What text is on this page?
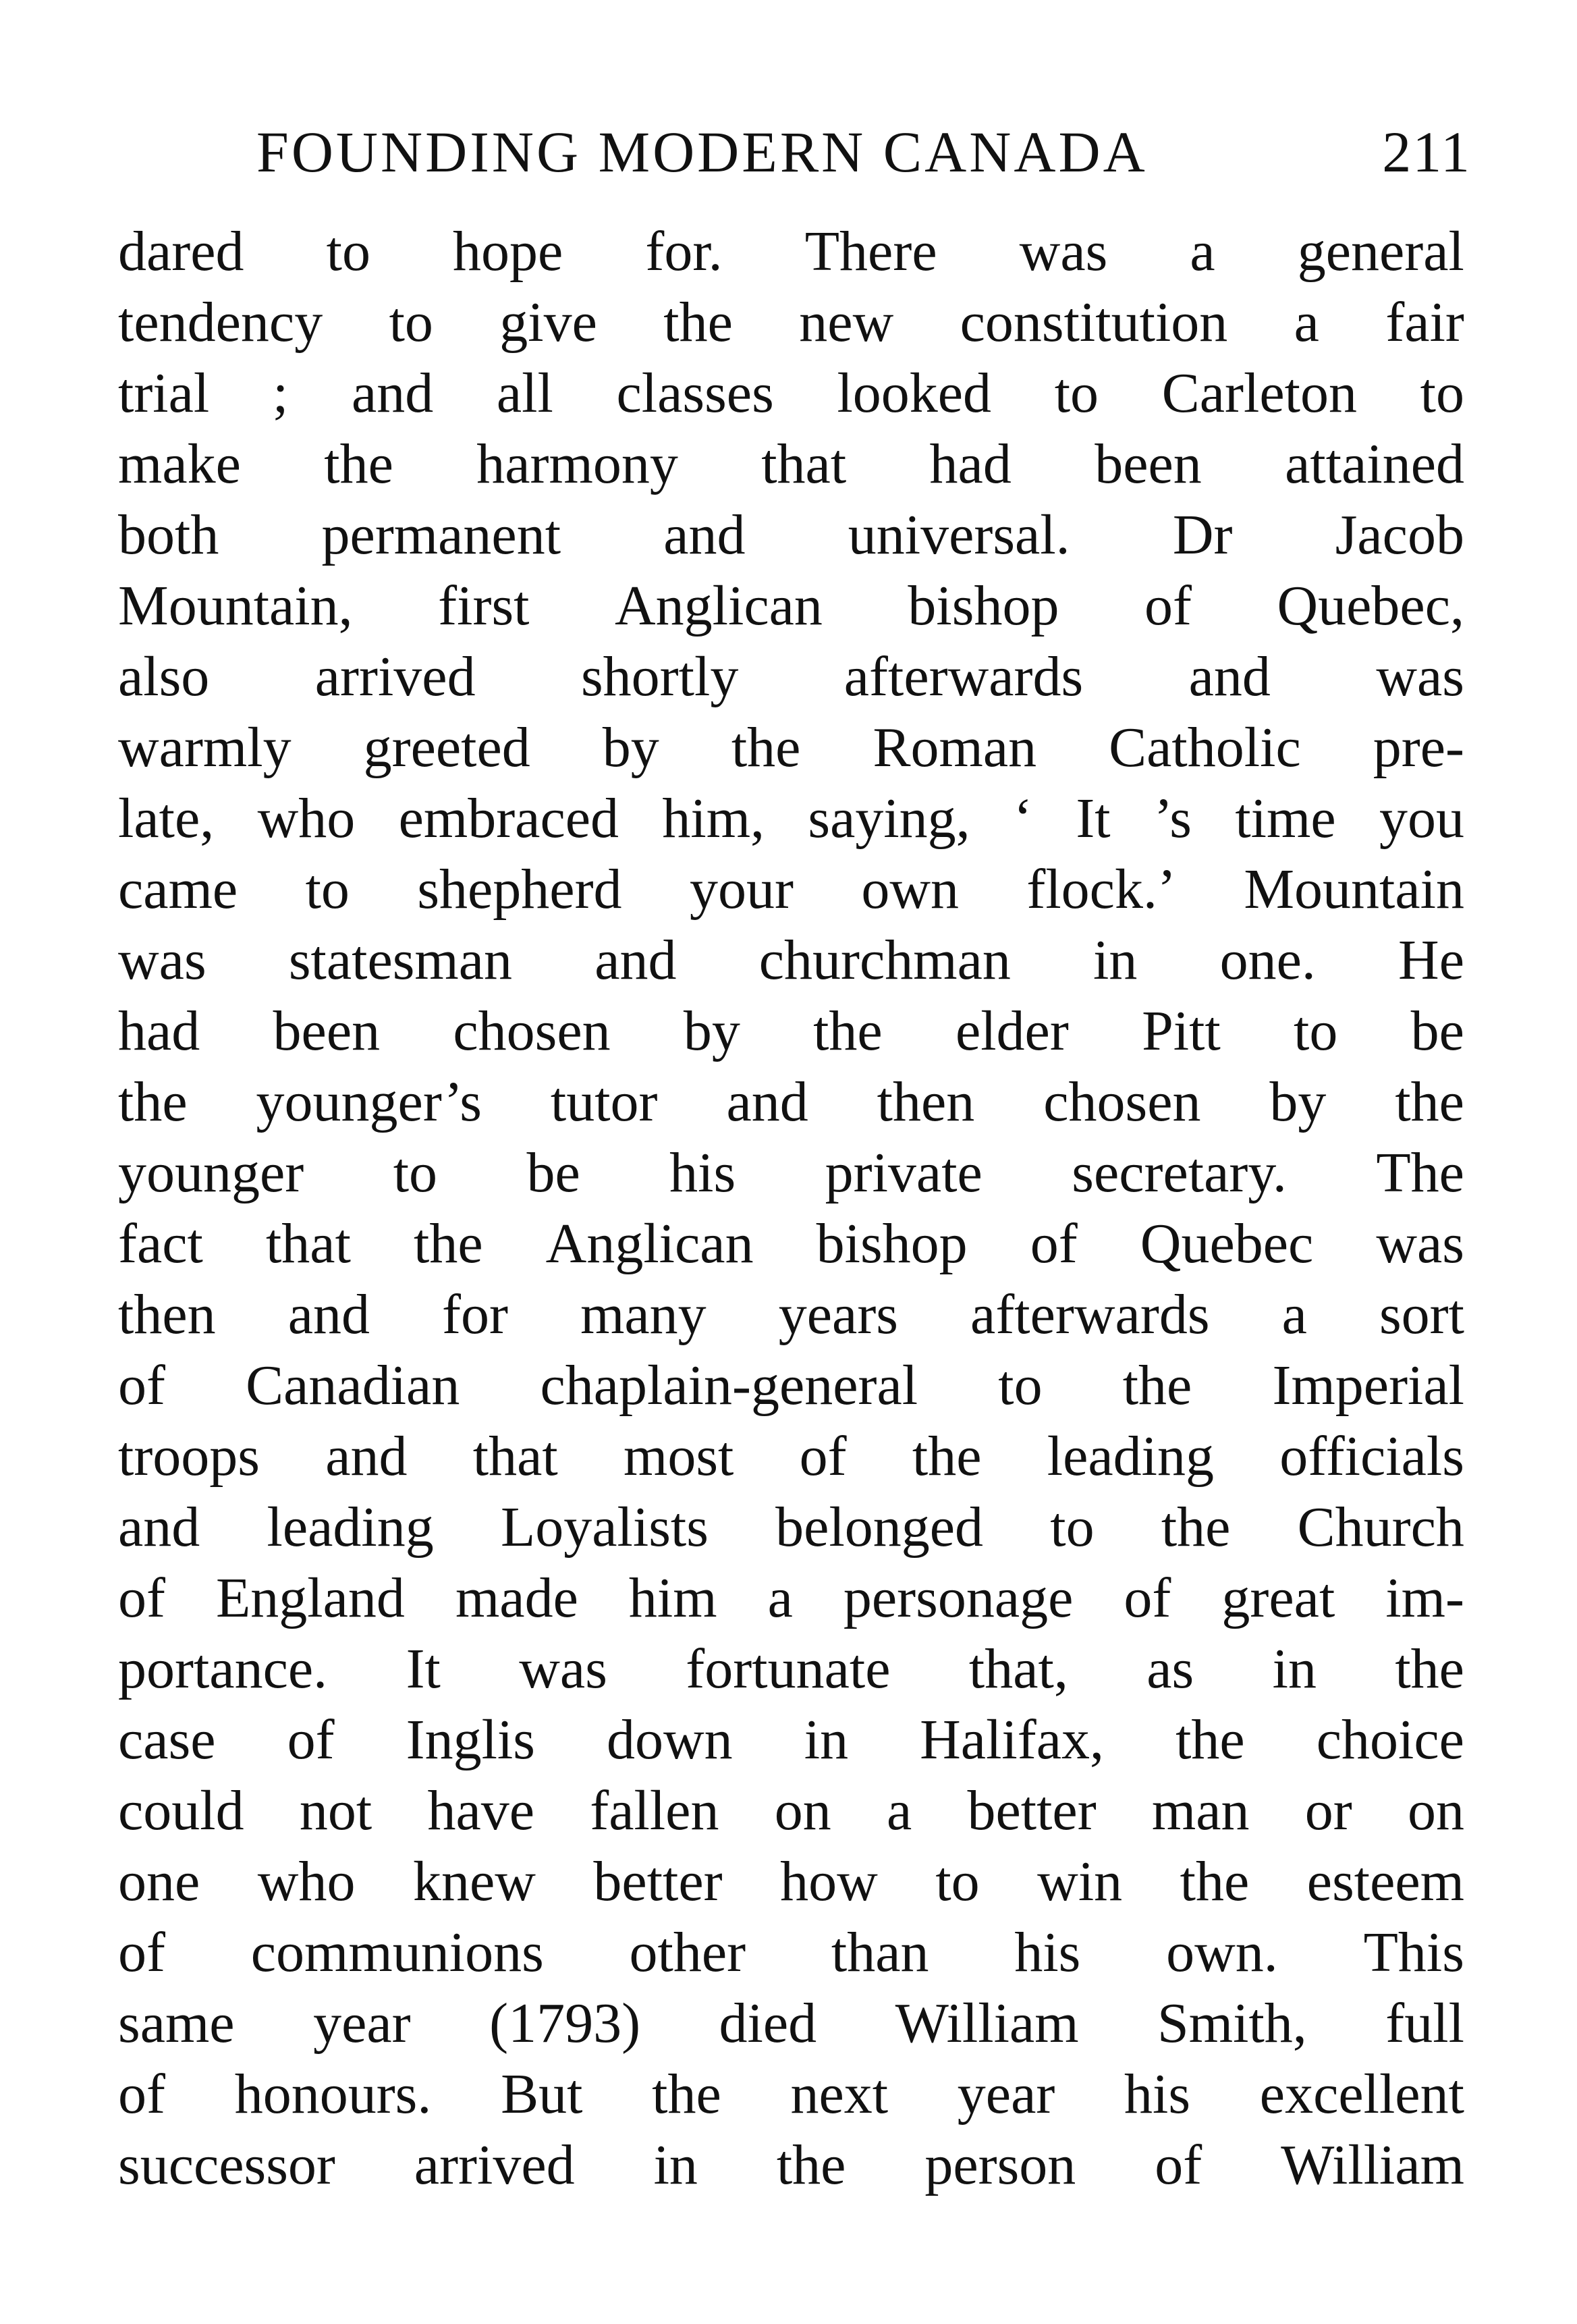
FOUNDING MODERN CANADA	211
dared to hope for. There was a general
tendency to give the new constitution a fair
trial ; and all classes looked to Carleton to
make the harmony that had been attained
both permanent and universal. Dr Jacob
Mountain, first Anglican bishop of Quebec,
also arrived shortly afterwards and was
warmly greeted by the Roman Catholic pre-
late, who embraced him, saying, ‘ It ’s time you
came to shepherd your own flock.’ Mountain
was statesman and churchman in one. He
had been chosen by the elder Pitt to be
the younger’s tutor and then chosen by the
younger to be his private secretary. The
fact that the Anglican bishop of Quebec was
then and for many years afterwards a sort
of Canadian chaplain-general to the Imperial
troops and that most of the leading officials
and leading Loyalists belonged to the Church
of England made him a personage of great im-
portance. It was fortunate that, as in the
case of Inglis down in Halifax, the choice
could not have fallen on a better man or on
one who knew better how to win the esteem
of communions other than his own. This
same year (1793) died William Smith, full
of honours. But the next year his excellent
successor arrived in the person of William
